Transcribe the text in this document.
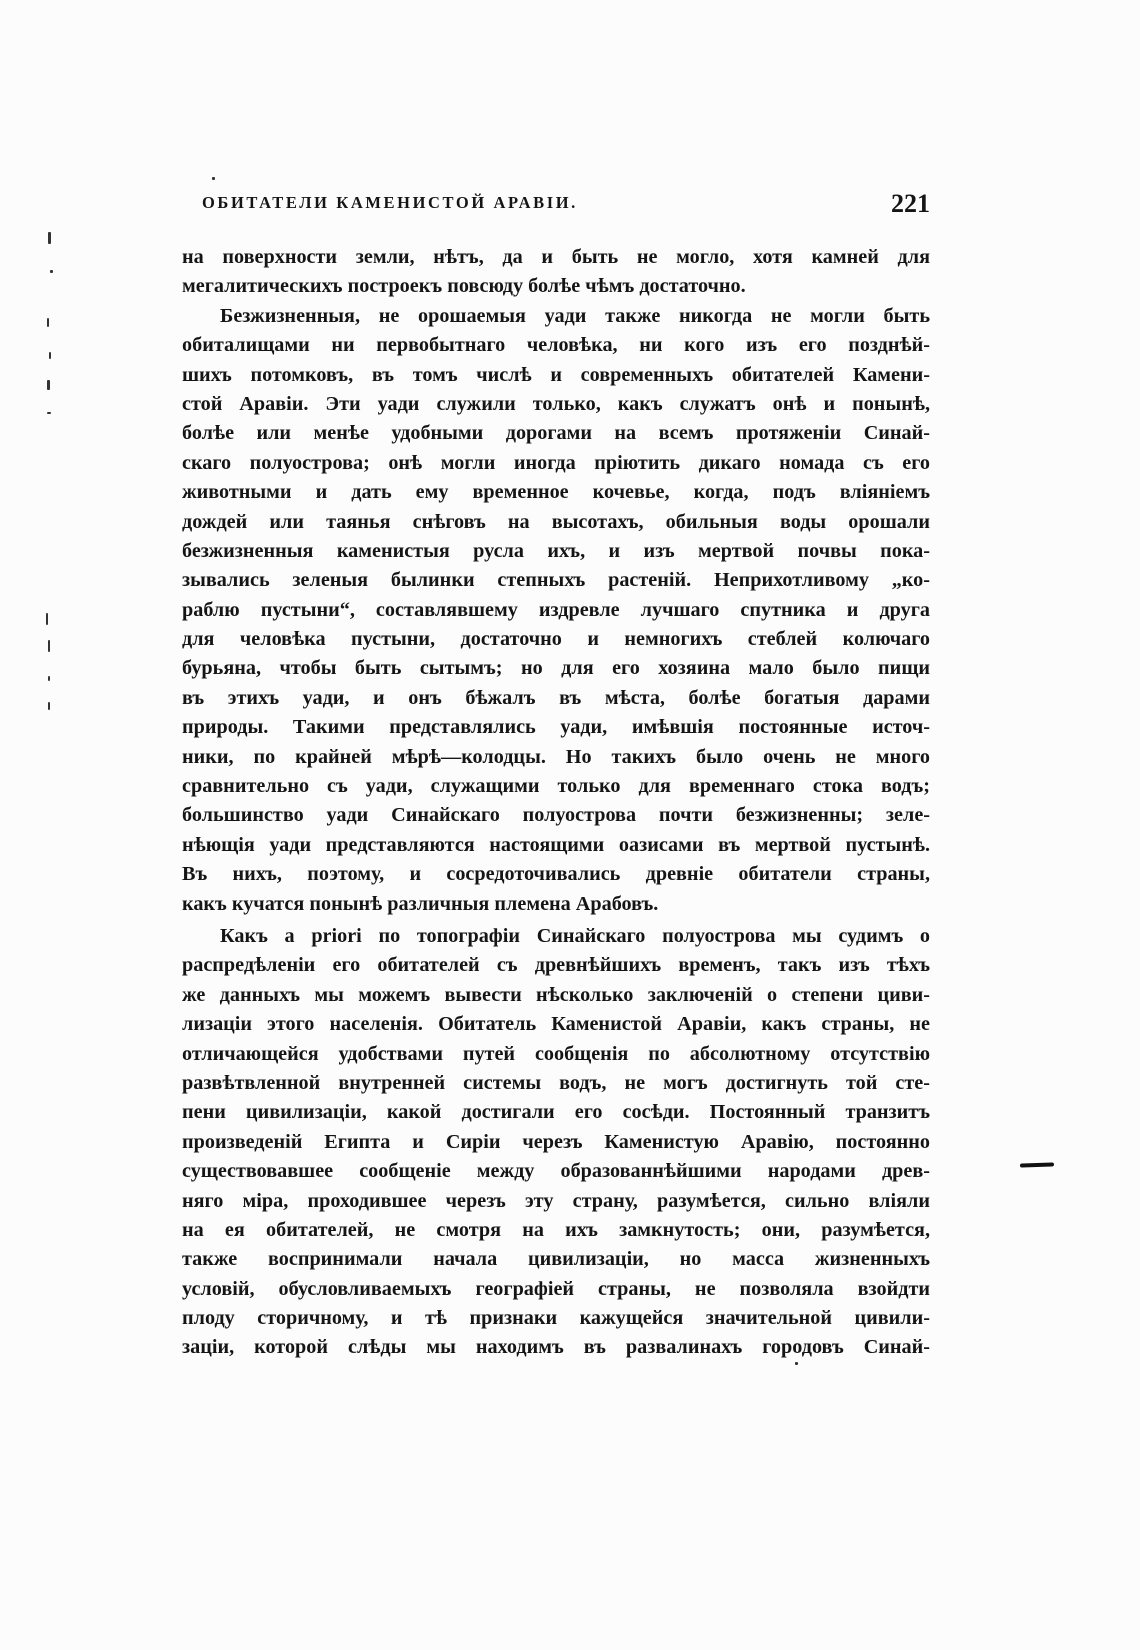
ОБИТАТЕЛИ КАМЕНИСТОЙ АРАВІИ.	221
на поверхности земли, нѣтъ, да и быть не могло, хотя камней для
мегалитическихъ построекъ повсюду болѣе чѣмъ достаточно.
Безжизненныя, не орошаемыя уади также никогда не могли быть
обиталищами ни первобытнаго человѣка, ни кого изъ его позднѣй-
шихъ потомковъ, въ томъ числѣ и современныхъ обитателей Камени-
стой Аравіи. Эти уади служили только, какъ служатъ онѣ и понынѣ,
болѣе или менѣе удобными дорогами на всемъ протяженіи Синай-
скаго полуострова; онѣ могли иногда пріютить дикаго номада съ его
животными и дать ему временное кочевье, когда, подъ вліяніемъ
дождей или таянья снѣговъ на высотахъ, обильныя воды орошали
безжизненныя каменистыя русла ихъ, и изъ мертвой почвы пока-
зывались зеленыя былинки степныхъ растеній. Неприхотливому „ко-
раблю пустыни“, составлявшему издревле лучшаго спутника и друга
для человѣка пустыни, достаточно и немногихъ стеблей колючаго
бурьяна, чтобы быть сытымъ; но для его хозяина мало было пищи
въ этихъ уади, и онъ бѣжалъ въ мѣста, болѣе богатыя дарами
природы. Такими представлялись уади, имѣвшія постоянные источ-
ники, по крайней мѣрѣ—колодцы. Но такихъ было очень не много
сравнительно съ уади, служащими только для временнаго стока водъ;
большинство уади Синайскаго полуострова почти безжизненны; зеле-
нѣющія уади представляются настоящими оазисами въ мертвой пустынѣ.
Въ нихъ, поэтому, и сосредоточивались древніе обитатели страны,
какъ кучатся понынѣ различныя племена Арабовъ.
Какъ a priori по топографіи Синайскаго полуострова мы судимъ о
распредѣленіи его обитателей съ древнѣйшихъ временъ, такъ изъ тѣхъ
же данныхъ мы можемъ вывести нѣсколько заключеній о степени циви-
лизаціи этого населенія. Обитатель Каменистой Аравіи, какъ страны, не
отличающейся удобствами путей сообщенія по абсолютному отсутствію
развѣтвленной внутренней системы водъ, не могъ достигнуть той сте-
пени цивилизаціи, какой достигали его сосѣди. Постоянный транзитъ
произведеній Египта и Сиріи черезъ Каменистую Аравію, постоянно
существовавшее сообщеніе между образованнѣйшими народами древ-
няго міра, проходившее черезъ эту страну, разумѣется, сильно вліяли
на ея обитателей, не смотря на ихъ замкнутость; они, разумѣется,
также воспринимали начала цивилизаціи, но масса жизненныхъ
условій, обусловливаемыхъ географіей страны, не позволяла взойдти
плоду сторичному, и тѣ признаки кажущейся значительной цивили-
заціи, которой слѣды мы находимъ въ развалинахъ городовъ Синай-
